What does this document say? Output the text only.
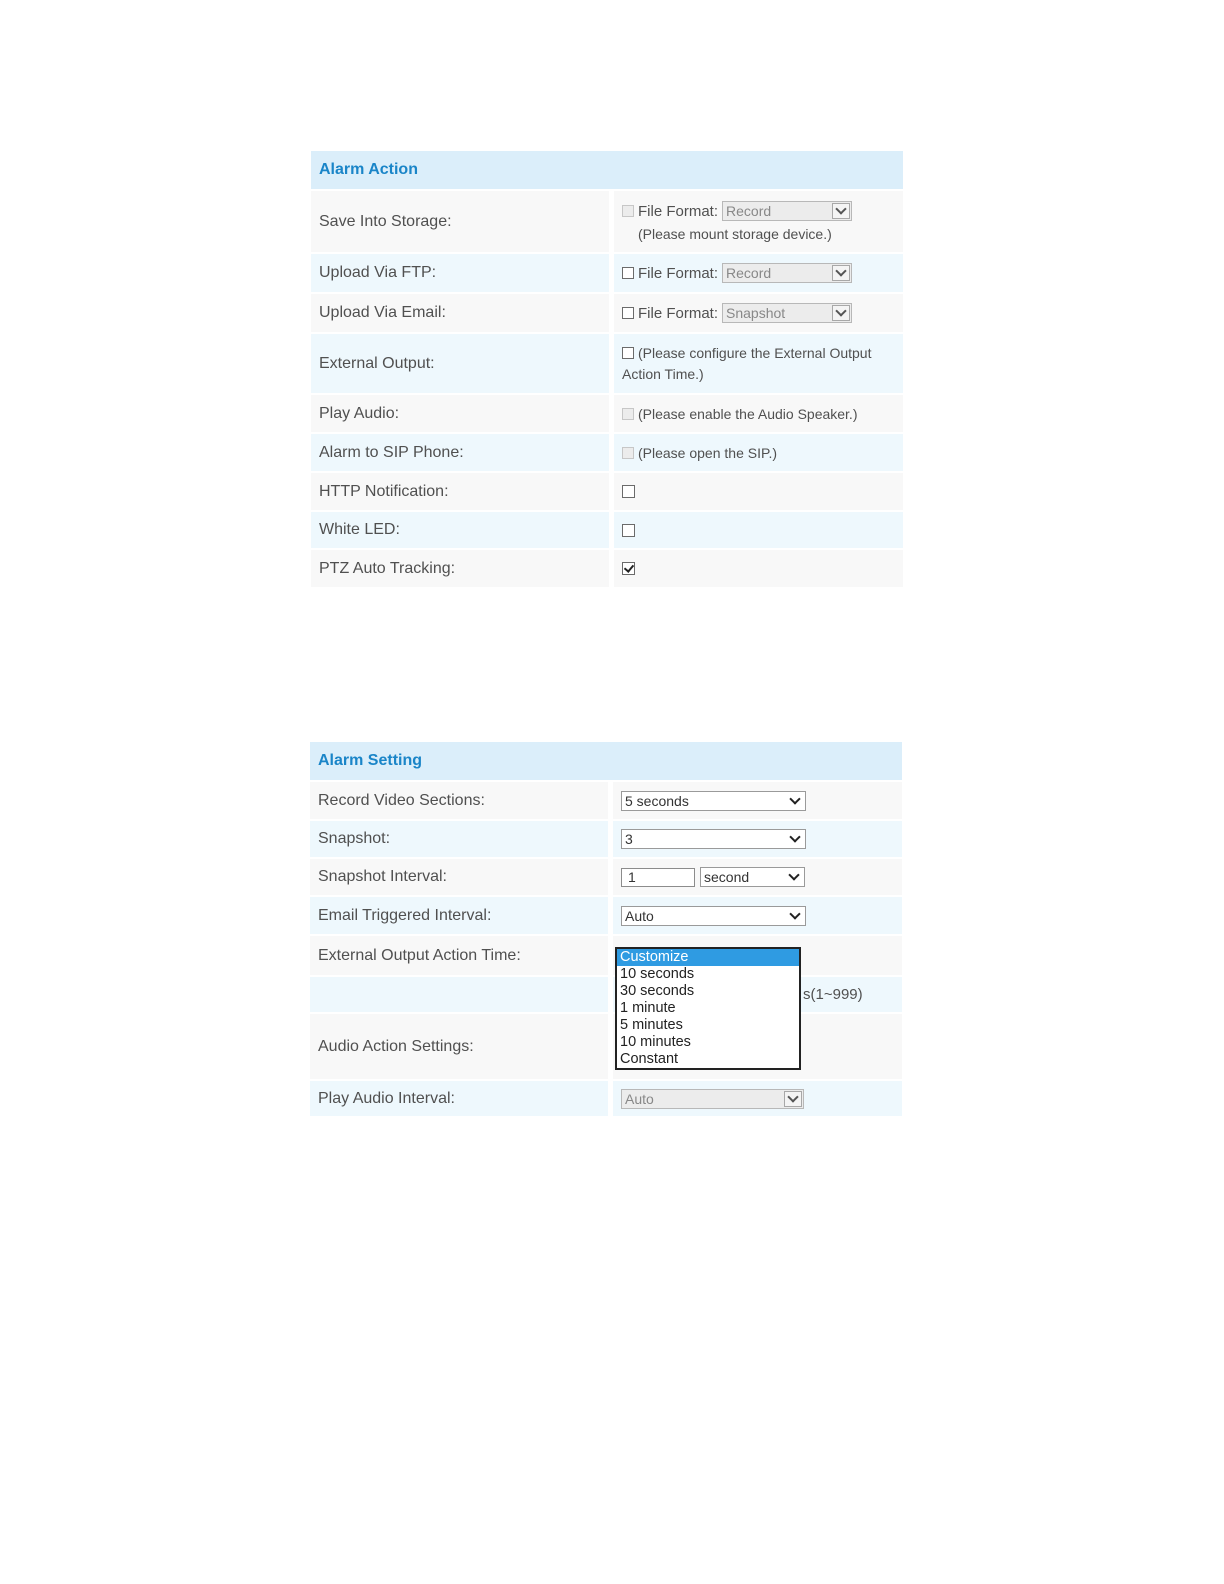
Alarm Action
Save Into Storage:
File Format: Record
(Please mount storage device.)
Upload Via FTP:	File Format: Record
Upload Via Email:	File Format: Snapshot
External Output:
(Please configure the External Output
Action Time.)
Play Audio:	(Please enable the Audio Speaker.)
Alarm to SIP Phone:	(Please open the SIP.)
HTTP Notification:
White LED:
PTZ Auto Tracking:
Alarm Setting
Record Video Sections:	5 seconds
Snapshot:	3
Snapshot Interval:	1	second
Email Triggered Interval:	Auto
External Output Action Time:
s(1~999)
Audio Action Settings:
Play Audio Interval:	Auto
Customize
10 seconds
30 seconds
1 minute
5 minutes
10 minutes
Constant
